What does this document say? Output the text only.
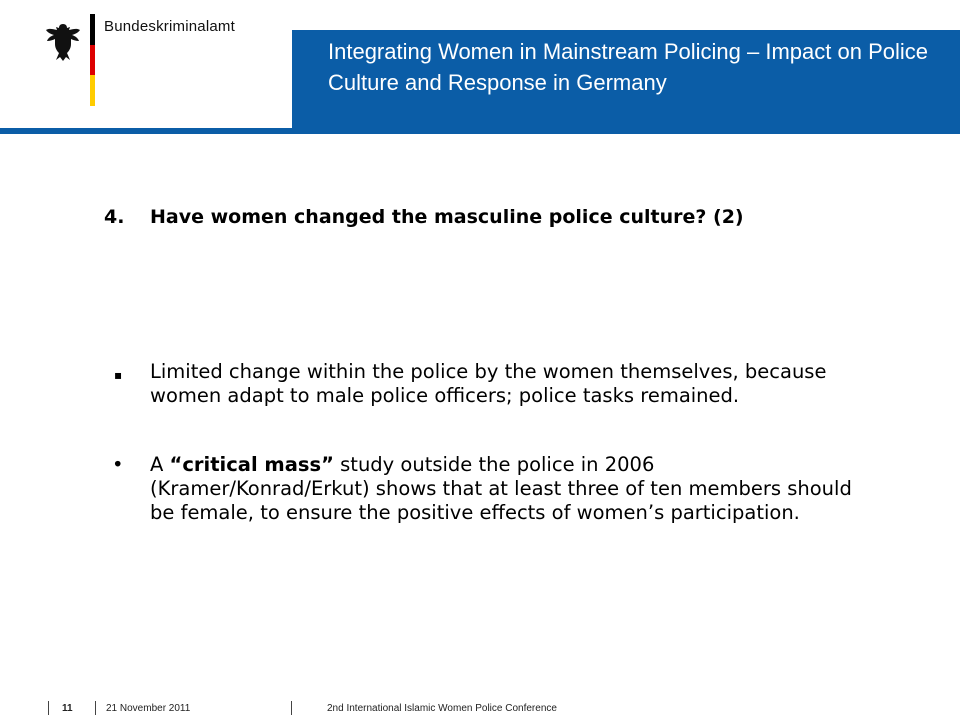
Bundeskriminalamt
Integrating Women in Mainstream Policing – Impact on Police Culture and Response in Germany
4. Have women changed the masculine police culture? (2)
▪ Limited change within the police by the women themselves, because women adapt to male police officers; police tasks remained.
• A “critical mass” study outside the police in 2006 (Kramer/Konrad/Erkut) shows that at least three of ten members should be female, to ensure the positive effects of women’s participation.
11	21 November 2011	2nd International Islamic Women Police Conference
